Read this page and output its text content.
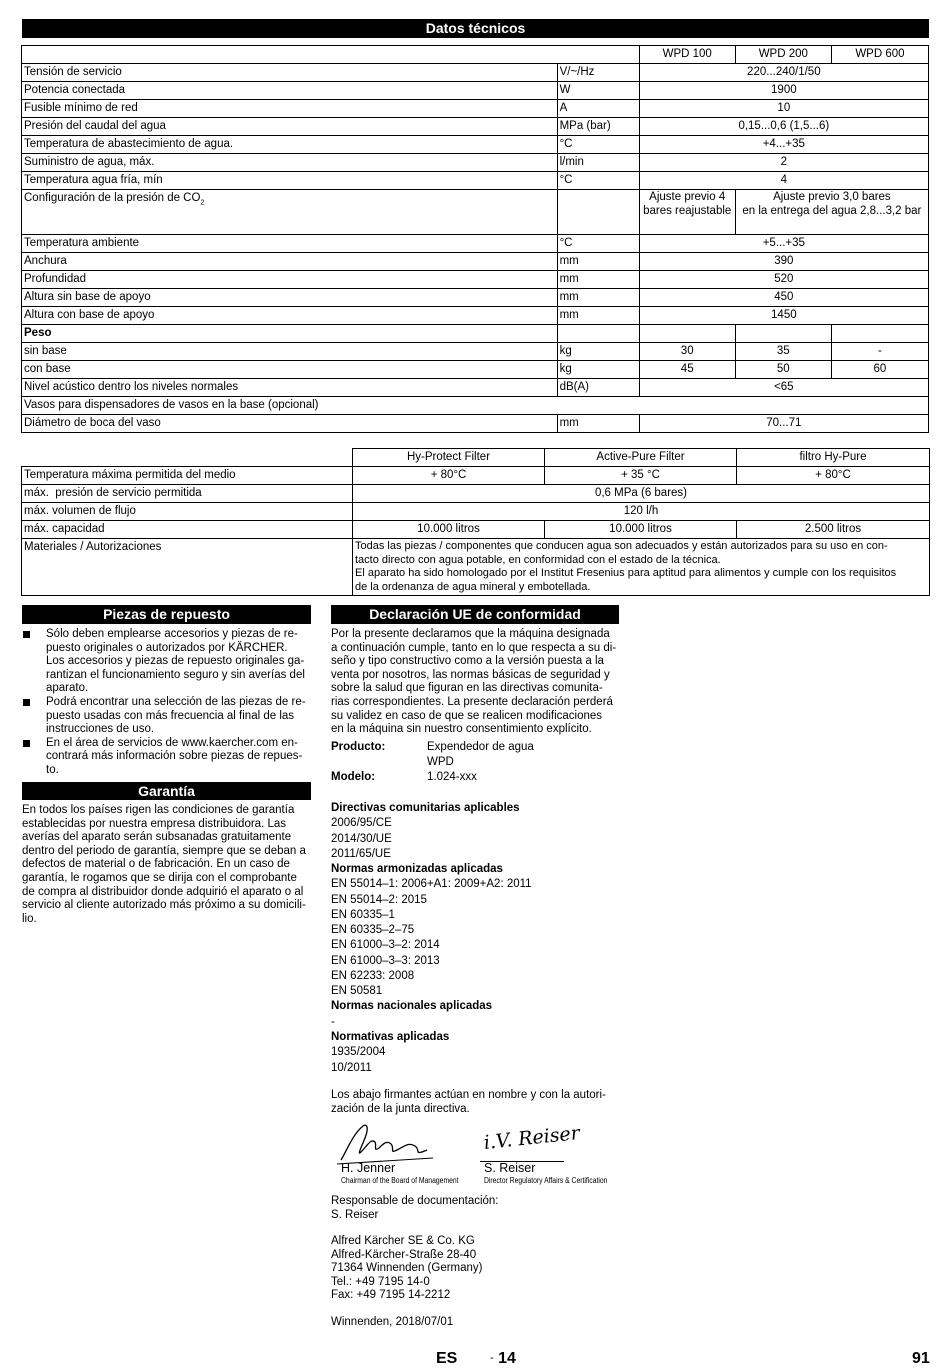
Datos técnicos
		WPD 100	WPD 200	WPD 600
Tensión de servicio	V/~/Hz	220...240/1/50		
Potencia conectada	W	1900		
Fusible mínimo de red	A	10		
Presión del caudal del agua	MPa (bar)	0,15...0,6 (1,5...6)		
Temperatura de abastecimiento de agua.	°C	+4...+35		
Suministro de agua, máx.	l/min	2		
Temperatura agua fría, mín	°C	4		
Configuración de la presión de $CO_2$		Ajuste previo 4 bares reajustable	Ajuste previo 3,0 bares
en la entrega del agua 2,8...3,2 bar	

Temperatura ambiente	°C	+5...+35		
Anchura	mm	390		
Profundidad	mm	520		
Altura sin base de apoyo	mm	450		
Altura con base de apoyo	mm	1450		
Peso				
sin base	kg	30	35	-
con base	kg	45	50	60
Nivel acústico dentro los niveles normales	dB(A)	<65		
Vasos para dispensadores de vasos en la base (opcional)				
Diámetro de boca del vaso	mm	70...71		
	Hy-Protect Filter	Active-Pure Filter	filtro Hy-Pure
Temperatura máxima permitida del medio	+ 80°C	+ 35 °C	+ 80°C
máx.  presión de servicio permitida	0,6 MPa (6 bares)		
máx. volumen de flujo	120 l/h		
máx. capacidad	10.000 litros	10.000 litros	2.500 litros
Materiales / Autorizaciones	Todas las piezas / componentes que conducen agua son adecuados y están autorizados para su uso en con-
tacto directo con agua potable, en conformidad con el estado de la técnica.
El aparato ha sido homologado por el Institut Fresenius para aptitud para alimentos y cumple con los requisitos
de la ordenanza de agua mineral y embotellada.		
Piezas de repuesto
Sólo deben emplearse accesorios y piezas de re-
puesto originales o autorizados por KÄRCHER.
Los accesorios y piezas de repuesto originales ga-
rantizan el funcionamiento seguro y sin averías del
aparato.
Podrá encontrar una selección de las piezas de re-
puesto usadas con más frecuencia al final de las
instrucciones de uso.
En el área de servicios de www.kaercher.com en-
contrará más información sobre piezas de repues-
to.
Garantía
En todos los países rigen las condiciones de garantía
establecidas por nuestra empresa distribuidora. Las
averías del aparato serán subsanadas gratuitamente
dentro del periodo de garantía, siempre que se deban a
defectos de material o de fabricación. En un caso de
garantía, le rogamos que se dirija con el comprobante
de compra al distribuidor donde adquirió el aparato o al
servicio al cliente autorizado más próximo a su domicili-
lio.
Declaración UE de conformidad
Por la presente declaramos que la máquina designada
a continuación cumple, tanto en lo que respecta a su di-
seño y tipo constructivo como a la versión puesta a la
venta por nosotros, las normas básicas de seguridad y
sobre la salud que figuran en las directivas comunita-
rias correspondientes. La presente declaración perderá
su validez en caso de que se realicen modificaciones
en la máquina sin nuestro consentimiento explícito.
Producto:	Expendedor de agua
WPD
Modelo:	1.024-xxx
Directivas comunitarias aplicables
2006/95/CE
2014/30/UE
2011/65/UE
Normas armonizadas aplicadas
EN 55014–1: 2006+A1: 2009+A2: 2011
EN 55014–2: 2015
EN 60335–1
EN 60335–2–75
EN 61000–3–2: 2014
EN 61000–3–3: 2013
EN 62233: 2008
EN 50581
Normas nacionales aplicadas
-
Normativas aplicadas
1935/2004
10/2011
Los abajo firmantes actúan en nombre y con la autori-
zación de la junta directiva.
i.V. Reiser
H. Jenner
Chairman of the Board of Management
S. Reiser
Director Regulatory Affairs & Certification
Responsable de documentación:
S. Reiser
Alfred Kärcher SE & Co. KG
Alfred-Kärcher-Straße 28-40
71364 Winnenden (Germany)
Tel.: +49 7195 14-0
Fax: +49 7195 14-2212
Winnenden, 2018/07/01
ES	- 14	91
